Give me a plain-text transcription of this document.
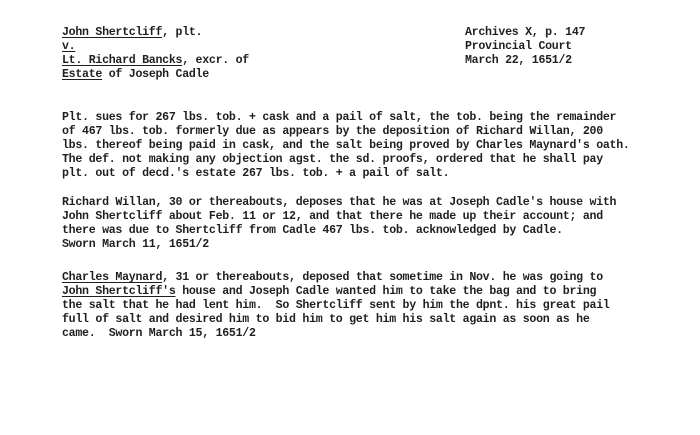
John Shertcliff, plt.
v.
Lt. Richard Bancks, excr. of
Estate of Joseph Cadle
Archives X, p. 147
Provincial Court
March 22, 1651/2
Plt. sues for 267 lbs. tob. + cask and a pail of salt, the tob. being the remainder
of 467 lbs. tob. formerly due as appears by the deposition of Richard Willan, 200
lbs. thereof being paid in cask, and the salt being proved by Charles Maynard's oath.
The def. not making any objection agst. the sd. proofs, ordered that he shall pay
plt. out of decd.'s estate 267 lbs. tob. + a pail of salt.
Richard Willan, 30 or thereabouts, deposes that he was at Joseph Cadle's house with
John Shertcliff about Feb. 11 or 12, and that there he made up their account; and
there was due to Shertcliff from Cadle 467 lbs. tob. acknowledged by Cadle.
Sworn March 11, 1651/2
Charles Maynard, 31 or thereabouts, deposed that sometime in Nov. he was going to
John Shertcliff's house and Joseph Cadle wanted him to take the bag and to bring
the salt that he had lent him.  So Shertcliff sent by him the dpnt. his great pail
full of salt and desired him to bid him to get him his salt again as soon as he
came.  Sworn March 15, 1651/2
